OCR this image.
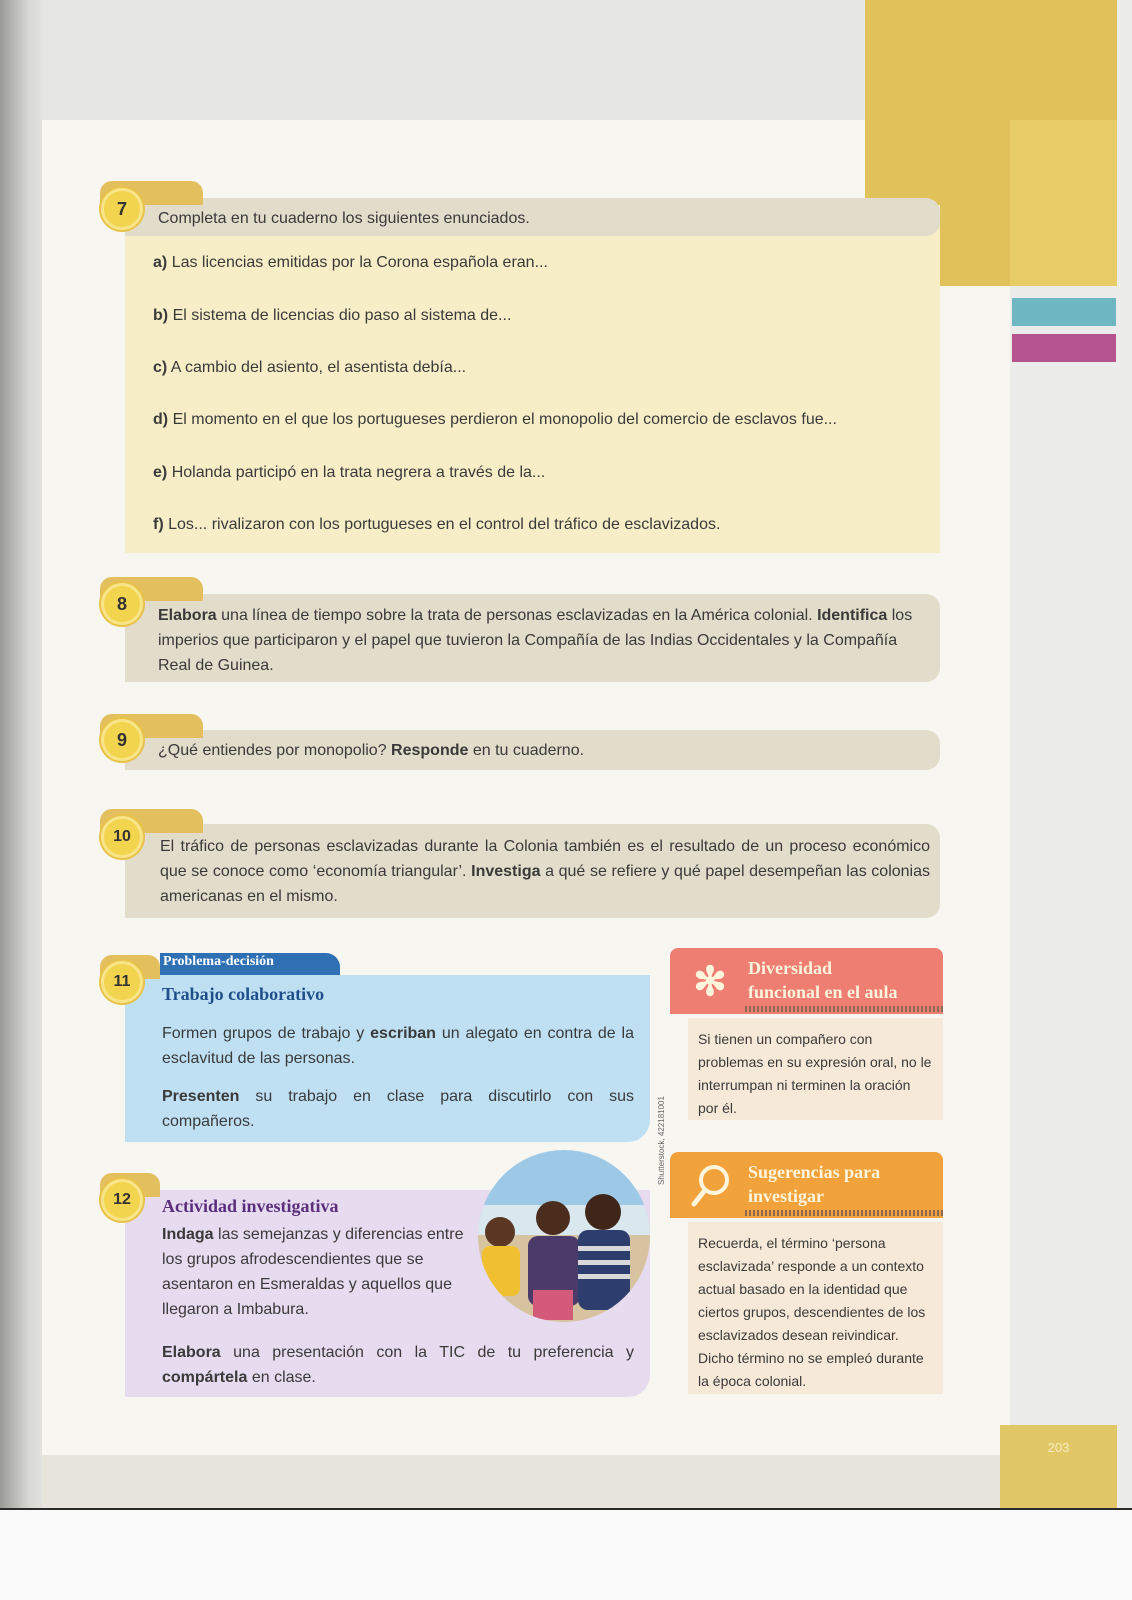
203
7	Completa en tu cuaderno los siguientes enunciados.
a) Las licencias emitidas por la Corona española eran...
b) El sistema de licencias dio paso al sistema de...
c) A cambio del asiento, el asentista debía...
d) El momento en el que los portugueses perdieron el monopolio del comercio de esclavos fue...
e) Holanda participó en la trata negrera a través de la...
f) Los... rivalizaron con los portugueses en el control del tráfico de esclavizados.
8
Elabora una línea de tiempo sobre la trata de personas esclavizadas en la América colonial. Identifica los imperios que participaron y el papel que tuvieron la Compañía de las Indias Occidentales y la Compañía Real de Guinea.
9
¿Qué entiendes por monopolio? Responde en tu cuaderno.
10
El tráfico de personas esclavizadas durante la Colonia también es el resultado de un proceso económico que se conoce como ‘economía triangular’. Investiga a qué se refiere y qué papel desempeñan las colonias americanas en el mismo.
Problema-decisión
11
Trabajo colaborativo
Formen grupos de trabajo y escriban un alegato en contra de la esclavitud de las personas.
Presenten su trabajo en clase para discutirlo con sus compañeros.
12	Actividad investigativa
Indaga las semejanzas y diferencias entre los grupos afrodescendientes que se asentaron en Esmeraldas y aquellos que llegaron a Imbabura.
Elabora una presentación con la TIC de tu preferencia y compártela en clase.
Shutterstock, 422181001
✻ Diversidad
funcional en el aula
Si tienen un compañero con problemas en su expresión oral, no le interrumpan ni terminen la oración por él.
Sugerencias para
investigar
Recuerda, el término ‘persona esclavizada’ responde a un contexto actual basado en la identidad que ciertos grupos, descendientes de los esclavizados desean reivindicar. Dicho término no se empleó durante la época colonial.
